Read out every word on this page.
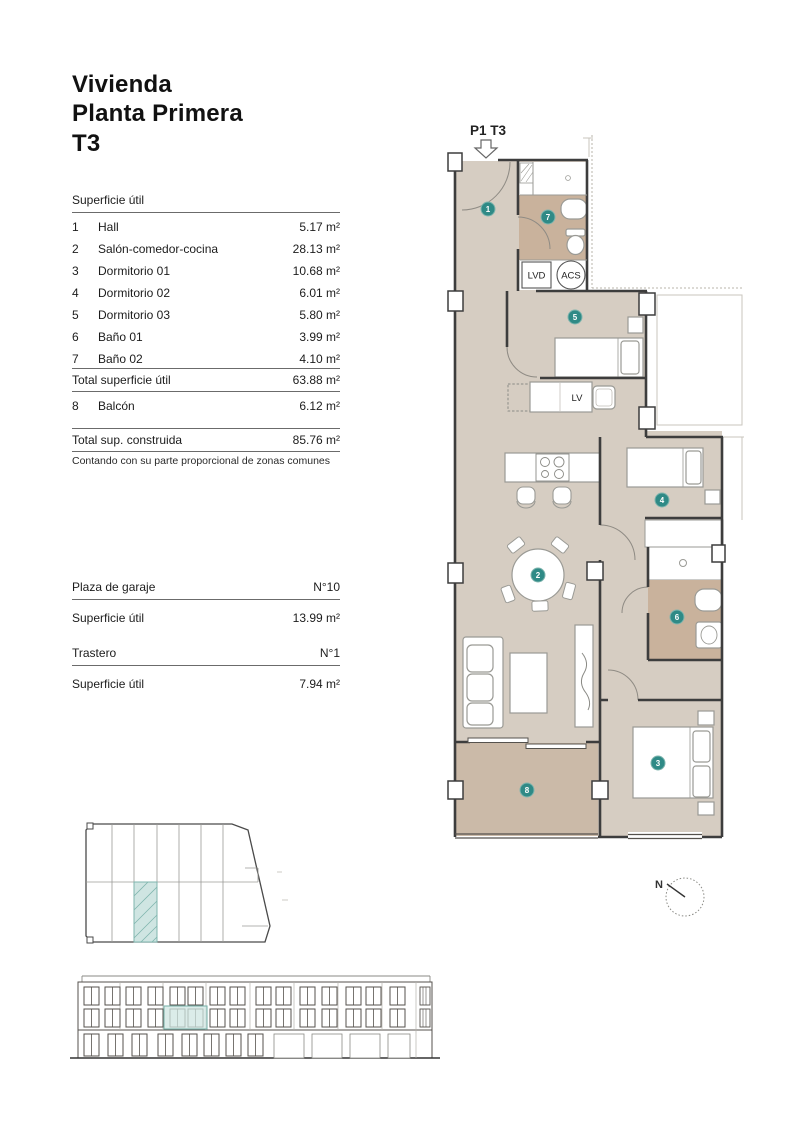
Vivienda
Planta Primera
T3
Superficie útil
1	Hall	5.17 m²
2	Salón-comedor-cocina	28.13 m²
3	Dormitorio 01	10.68 m²
4	Dormitorio 02	6.01 m²
5	Dormitorio 03	5.80 m²
6	Baño 01	3.99 m²
7	Baño 02	4.10 m²
Total superficie útil	63.88 m²
8	Balcón	6.12 m²
Total sup. construida	85.76 m²
Contando con su parte proporcional de zonas comunes
Plaza de garaje	N°10
Superficie útil	13.99 m²
Trastero	N°1
Superficie útil	7.94 m²
P1 T3
LVD ACS
LV
1
7
5
4
2
6
3
8
N
